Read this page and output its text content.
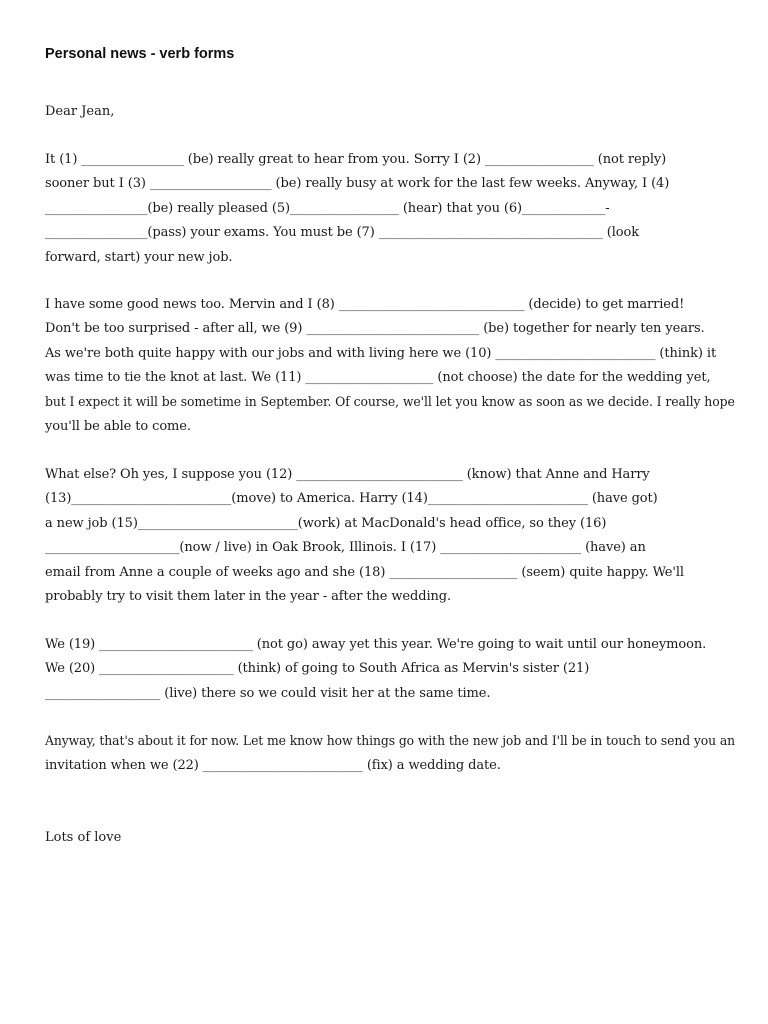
Personal news - verb forms
Dear Jean,
It (1) ________________ (be) really great to hear from you. Sorry I (2) _________________ (not reply)
sooner but I (3) ___________________ (be) really busy at work for the last few weeks. Anyway, I (4)
________________(be) really pleased (5)_________________ (hear) that you (6)_____________-
________________(pass) your exams. You must be (7) ___________________________________ (look
forward, start) your new job.
I have some good news too. Mervin and I (8) _____________________________ (decide) to get married!
Don't be too surprised - after all, we (9) ___________________________ (be) together for nearly ten years.
As we're both quite happy with our jobs and with living here we (10) _________________________ (think) it
was time to tie the knot at last. We (11) ____________________ (not choose) the date for the wedding yet,
but I expect it will be sometime in September. Of course, we'll let you know as soon as we decide. I really hope
you'll be able to come.
What else? Oh yes, I suppose you (12) __________________________ (know) that Anne and Harry
(13)_________________________(move) to America. Harry (14)_________________________ (have got)
a new job (15)_________________________(work) at MacDonald's head office, so they (16)
_____________________(now / live) in Oak Brook, Illinois. I (17) ______________________ (have) an
email from Anne a couple of weeks ago and she (18) ____________________ (seem) quite happy. We'll
probably try to visit them later in the year - after the wedding.
We (19) ________________________ (not go) away yet this year. We're going to wait until our honeymoon.
We (20) _____________________ (think) of going to South Africa as Mervin's sister (21)
__________________ (live) there so we could visit her at the same time.
Anyway, that's about it for now. Let me know how things go with the new job and I'll be in touch to send you an
invitation when we (22) _________________________ (fix) a wedding date.
Lots of love
